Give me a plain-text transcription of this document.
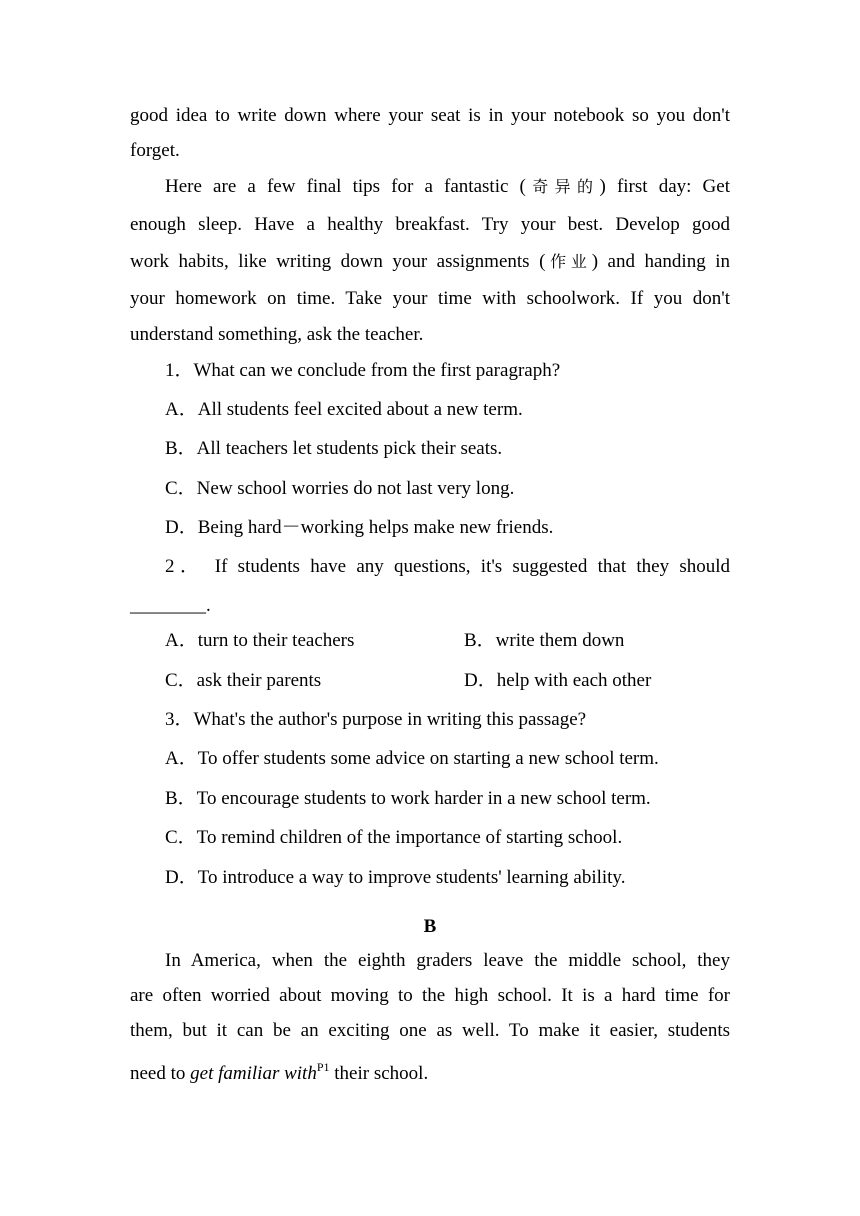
good idea to write down where your seat is in your notebook so you don't
forget.
Here are a few final tips for a fantastic (奇异的) first day: Get
enough sleep. Have a healthy breakfast. Try your best. Develop good
work habits, like writing down your assignments (作业) and handing in
your homework on time. Take your time with schoolwork. If you don't
understand something, ask the teacher.
1．What can we conclude from the first paragraph?
A．All students feel excited about a new term.
B．All teachers let students pick their seats.
C．New school worries do not last very long.
D．Being hard－working helps make new friends.
2． If students have any questions, it's suggested that they should
________.
A．turn to their teachers	B．write them down
C．ask their parents	D．help with each other
3．What's the author's purpose in writing this passage?
A．To offer students some advice on starting a new school term.
B．To encourage students to work harder in a new school term.
C．To remind children of the importance of starting school.
D．To introduce a way to improve students' learning ability.
B
In America, when the eighth graders leave the middle school, they
are often worried about moving to the high school. It is a hard time for
them, but it can be an exciting one as well. To make it easier, students
need to get familiar with$^{P1}$ their school.
